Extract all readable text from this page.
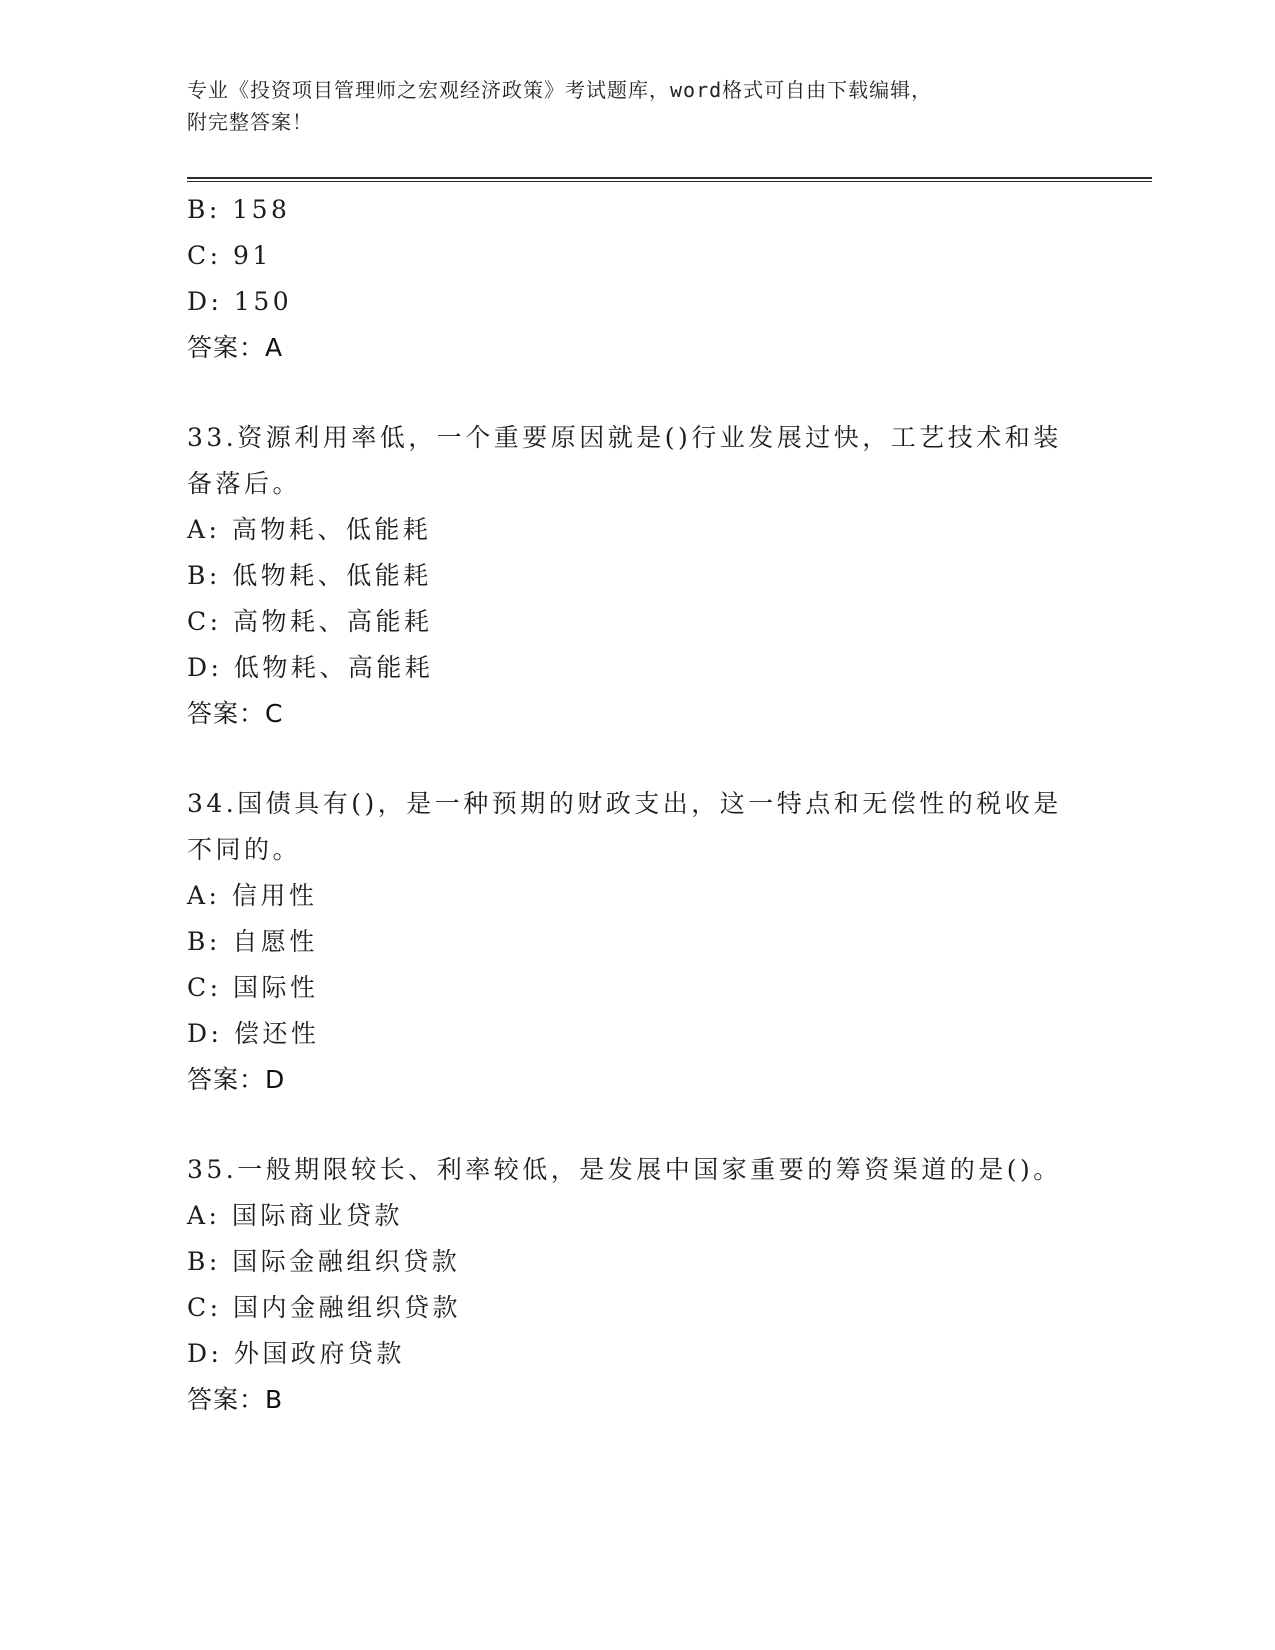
专业《投资项目管理师之宏观经济政策》考试题库，word格式可自由下载编辑，
附完整答案！
B: 158
C: 91
D: 150
答案：A
33.资源利用率低，一个重要原因就是()行业发展过快，工艺技术和装
备落后。
A: 高物耗、低能耗
B: 低物耗、低能耗
C: 高物耗、高能耗
D: 低物耗、高能耗
答案：C
34.国债具有()，是一种预期的财政支出，这一特点和无偿性的税收是
不同的。
A: 信用性
B: 自愿性
C: 国际性
D: 偿还性
答案：D
35.一般期限较长、利率较低，是发展中国家重要的筹资渠道的是()。
A: 国际商业贷款
B: 国际金融组织贷款
C: 国内金融组织贷款
D: 外国政府贷款
答案：B
